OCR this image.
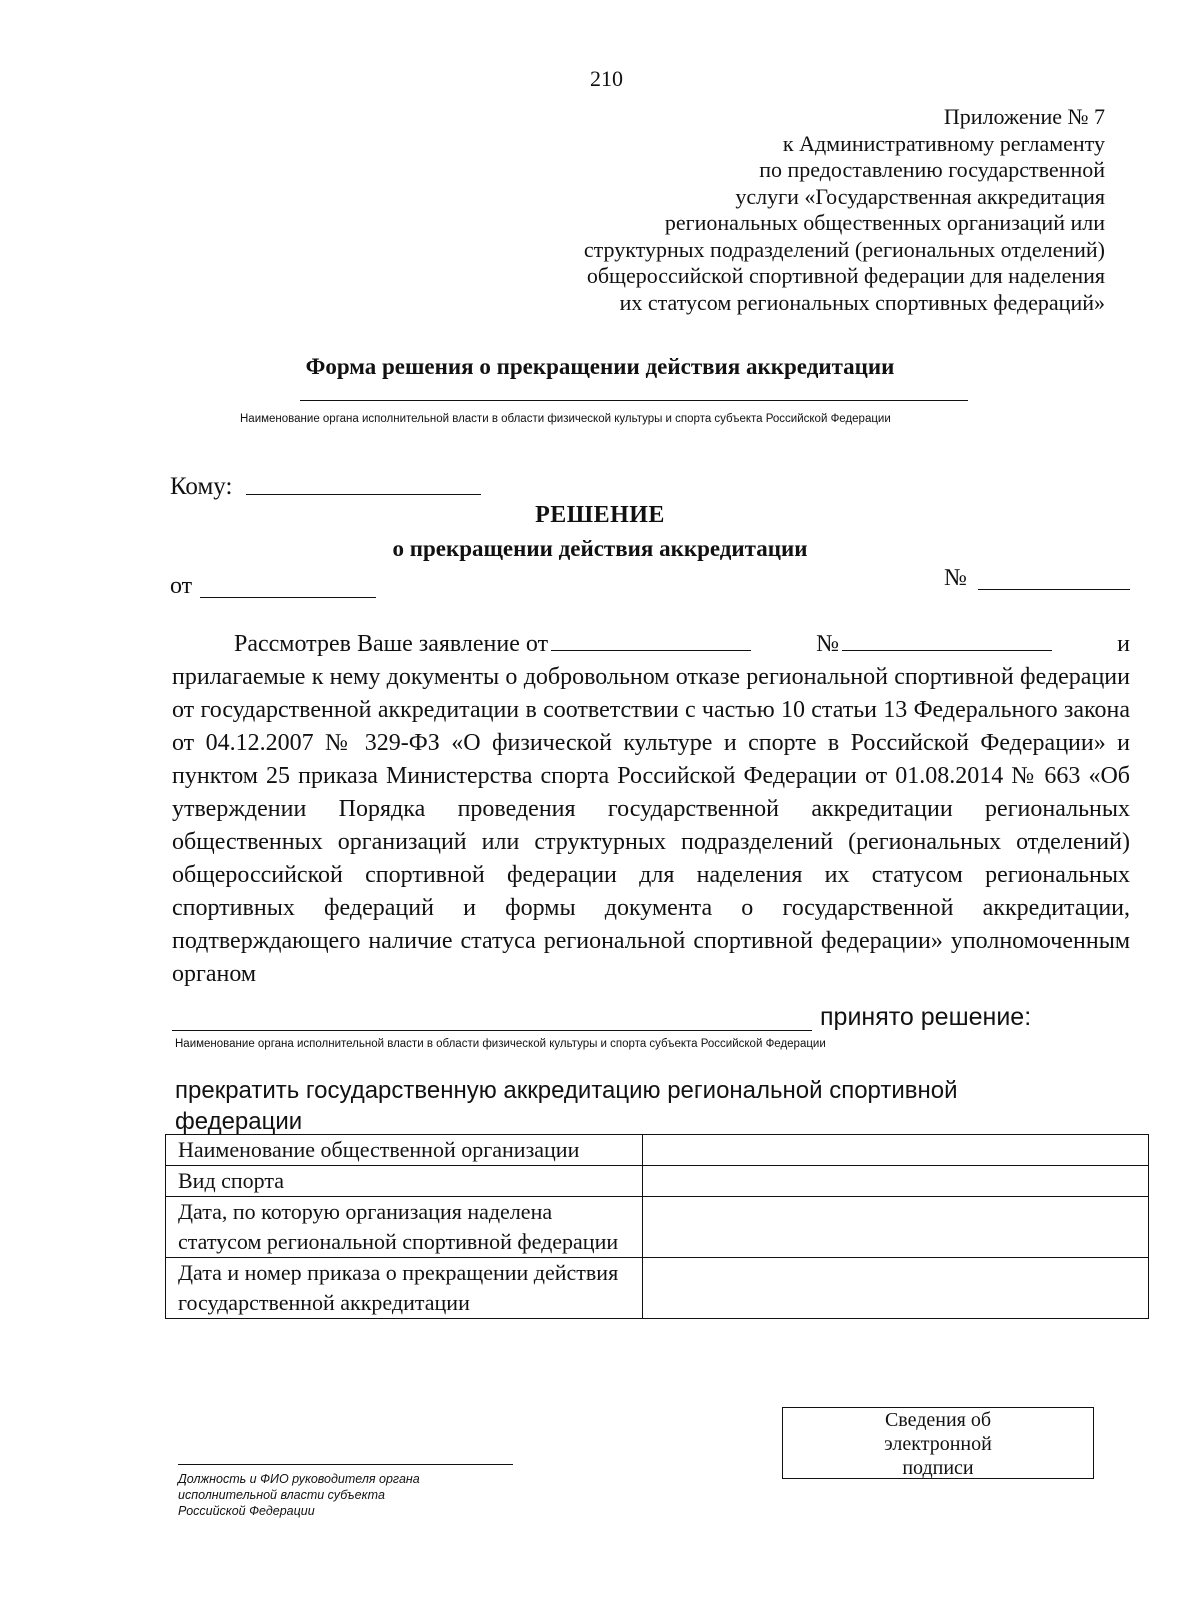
210
Приложение № 7
к Административному регламенту
по предоставлению государственной
услуги «Государственная аккредитация
региональных общественных организаций или
структурных подразделений (региональных отделений)
общероссийской спортивной федерации для наделения
их статусом региональных спортивных федераций»
Форма решения о прекращении действия аккредитации
Наименование органа исполнительной власти в области физической культуры и спорта субъекта Российской Федерации
Кому:
РЕШЕНИЕ
о прекращении действия аккредитации
от	№
Рассмотрев Ваше заявление от	№	и
прилагаемые к нему документы о добровольном отказе региональной спортивной федерации от государственной аккредитации в соответствии с частью 10 статьи 13 Федерального закона от 04.12.2007 № 329-ФЗ «О физической культуре и спорте в Российской Федерации» и пунктом 25 приказа Министерства спорта Российской Федерации от 01.08.2014 № 663 «Об утверждении Порядка проведения государственной аккредитации региональных общественных организаций или структурных подразделений (региональных отделений) общероссийской спортивной федерации для наделения их статусом региональных спортивных федераций и формы документа о государственной аккредитации, подтверждающего наличие статуса региональной спортивной федерации» уполномоченным органом
принято решение:
Наименование органа исполнительной власти в области физической культуры и спорта субъекта Российской Федерации
прекратить государственную аккредитацию региональной спортивной федерации
Наименование общественной организации	
Вид спорта	
Дата, по которую организация наделена статусом региональной спортивной федерации	
Дата и номер приказа о прекращении действия государственной аккредитации	
Сведения об
электронной
подписи
Должность и ФИО руководителя органа
исполнительной власти субъекта
Российской Федерации
